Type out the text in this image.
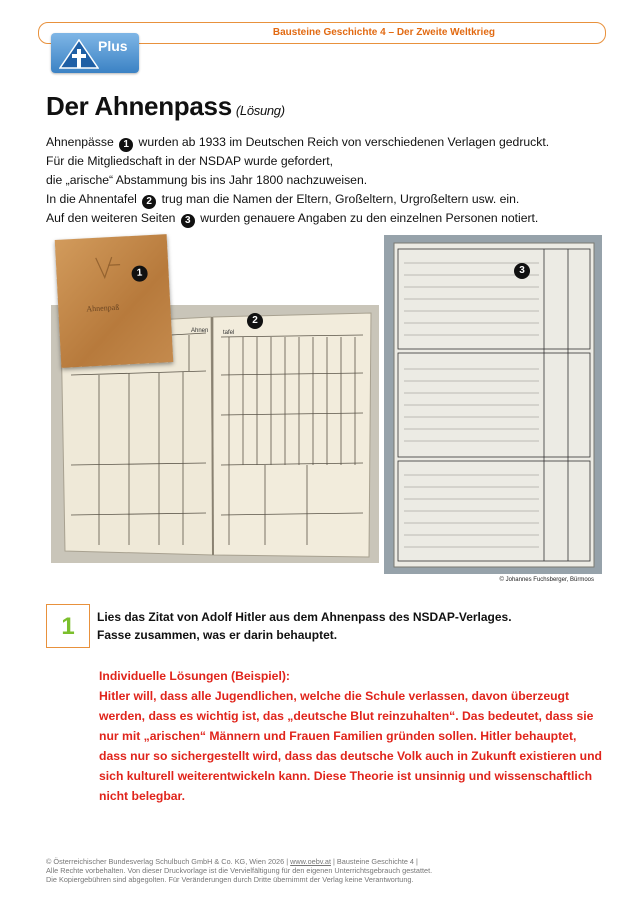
Bausteine Geschichte 4 – Der Zweite Weltkrieg
Plus
Der Ahnenpass (Lösung)

Ahnenpässe 1 wurden ab 1933 im Deutschen Reich von verschiedenen Verlagen gedruckt.

Für die Mitgliedschaft in der NSDAP wurde gefordert,

die „arische“ Abstammung bis ins Jahr 1800 nachzuweisen.

In die Ahnentafel 2 trug man die Namen der Eltern, Großeltern, Urgroßeltern usw. ein.

Auf den weiteren Seiten 3 wurden genauere Angaben zu den einzelnen Personen notiert.

Ahnen tafel
2
Ahnenpaß
1	3
© Johannes Fuchsberger, Bürmoos
1	Lies das Zitat von Adolf Hitler aus dem Ahnenpass des NSDAP-Verlages.

Fasse zusammen, was er darin behauptet.

Individuelle Lösungen (Beispiel):

Hitler will, dass alle Jugendlichen, welche die Schule verlassen, davon überzeugt

werden, dass es wichtig ist, das „deutsche Blut reinzuhalten“. Das bedeutet, dass sie

nur mit „arischen“ Männern und Frauen Familien gründen sollen. Hitler behauptet,

dass nur so sichergestellt wird, dass das deutsche Volk auch in Zukunft existieren und

sich kulturell weiterentwickeln kann. Diese Theorie ist unsinnig und wissenschaftlich

nicht belegbar.

© Österreichischer Bundesverlag Schulbuch GmbH & Co. KG, Wien 2026 | www.oebv.at | Bausteine Geschichte 4 |

Alle Rechte vorbehalten. Von dieser Druckvorlage ist die Vervielfältigung für den eigenen Unterrichtsgebrauch gestattet.

Die Kopiergebühren sind abgegolten. Für Veränderungen durch Dritte übernimmt der Verlag keine Verantwortung.
